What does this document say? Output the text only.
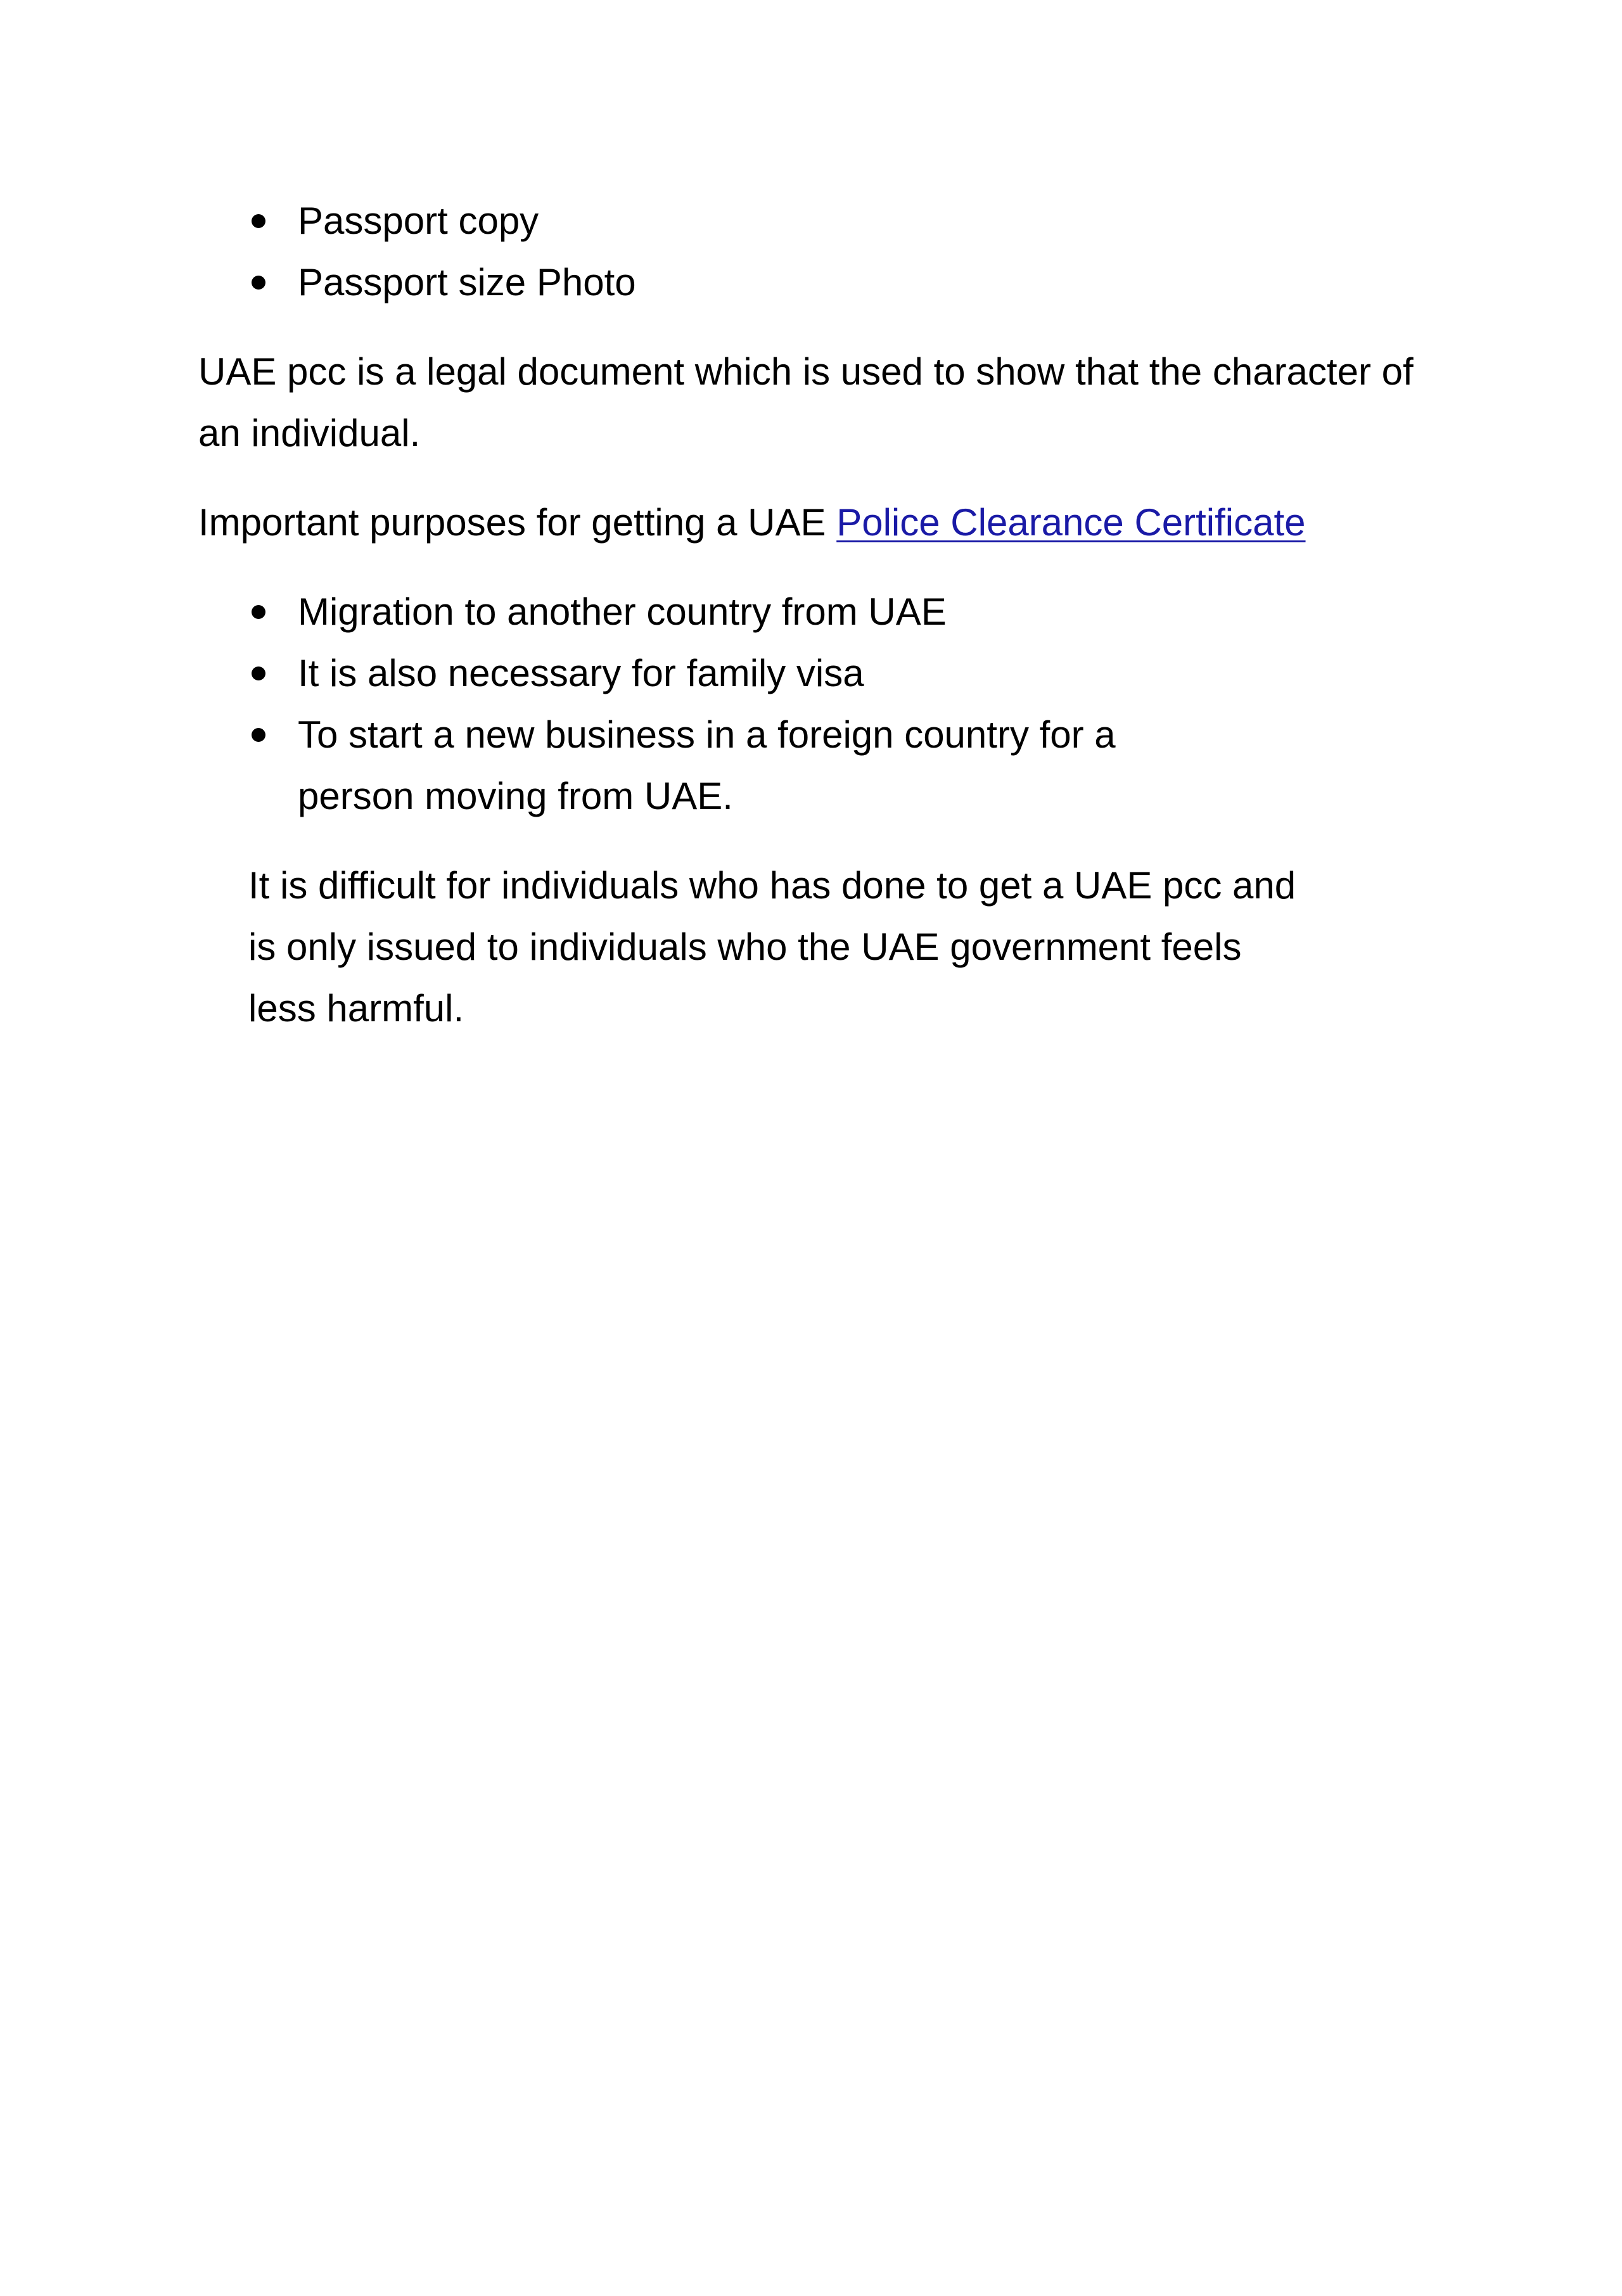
Passport copy
Passport size Photo

UAE pcc is a legal document which is used to show that the character of an individual.

Important purposes for getting a UAE Police Clearance Certificate

Migration to another country from UAE
It is also necessary for family visa
To start a new business in a foreign country for a person moving from UAE.

It is difficult for individuals who has done to get a UAE pcc and is only issued to individuals who the UAE government feels less harmful.
